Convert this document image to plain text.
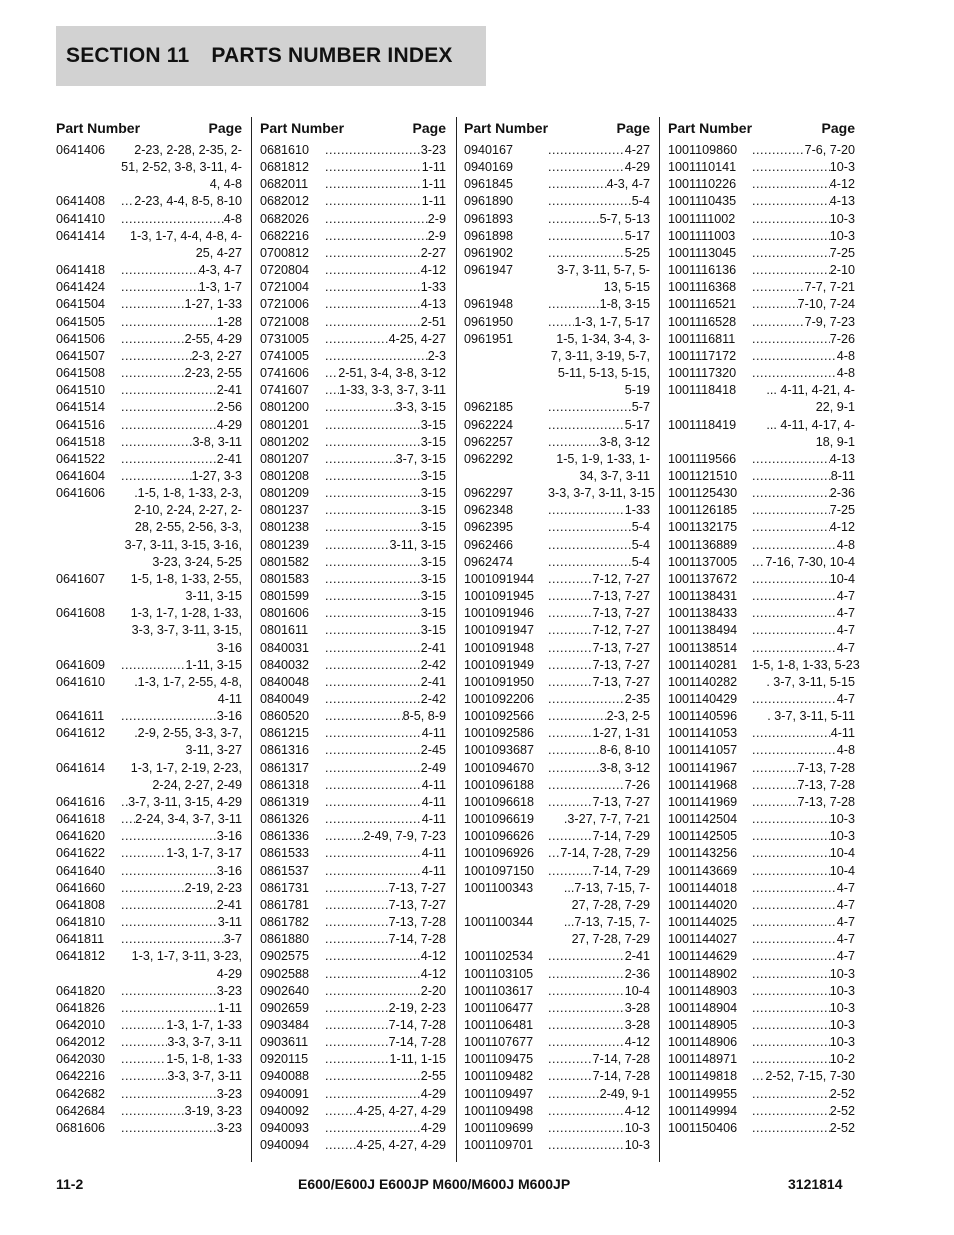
SECTION 11 PARTS NUMBER INDEX
Part Number	Page
0641406	2-23, 2-28, 2-35, 2-51, 2-52, 3-8, 3-11, 4-4, 4-8
0641408 .....	2-23, 4-4, 8-5, 8-10
0641410 .....	4-8
0641414	1-3, 1-7, 4-4, 4-8, 4-25, 4-27
0641418 .....	4-3, 4-7
0641424 .....	1-3, 1-7
0641504 .....	1-27, 1-33
0641505 .....	1-28
0641506 .....	2-55, 4-29
0641507 .....	2-3, 2-27
0641508 .....	2-23, 2-55
0641510 .....	2-41
0641514 .....	2-56
0641516 .....	4-29
0641518 .....	3-8, 3-11
0641522 .....	2-41
0641604 .....	1-27, 3-3
0641606	.1-5, 1-8, 1-33, 2-3, 2-10, 2-24, 2-27, 2-28, 2-55, 2-56, 3-3, 3-7, 3-11, 3-15, 3-16, 3-23, 3-24, 5-25
0641607	1-5, 1-8, 1-33, 2-55, 3-11, 3-15
0641608	1-3, 1-7, 1-28, 1-33, 3-3, 3-7, 3-11, 3-15, 3-16
0641609 .....	1-11, 3-15
0641610	.1-3, 1-7, 2-55, 4-8, 4-11
0641611 .....	3-16
0641612	.2-9, 2-55, 3-3, 3-7, 3-11, 3-27
0641614	1-3, 1-7, 2-19, 2-23, 2-24, 2-27, 2-49
0641616 .....	3-7, 3-11, 3-15, 4-29
0641618 .....	2-24, 3-4, 3-7, 3-11
0641620 .....	3-16
0641622 .....	1-3, 1-7, 3-17
0641640 .....	3-16
0641660 .....	2-19, 2-23
0641808 .....	2-41
0641810 .....	3-11
0641811 .....	3-7
0641812	1-3, 1-7, 3-11, 3-23, 4-29
0641820 .....	3-23
0641826 .....	1-11
0642010 .....	1-3, 1-7, 1-33
0642012 .....	3-3, 3-7, 3-11
0642030 .....	1-5, 1-8, 1-33
0642216 .....	3-3, 3-7, 3-11
0642682 .....	3-23
0642684 .....	3-19, 3-23
0681606 .....	3-23
Part Number	Page
0681610 .....	3-23
0681812 .....	1-11
0682011 .....	1-11
0682012 .....	1-11
0682026 .....	2-9
0682216 .....	2-9
0700812 .....	2-27
0720804 .....	4-12
0721004 .....	1-33
0721006 .....	4-13
0721008 .....	2-51
0731005 .....	4-25, 4-27
0741005 .....	2-3
0741606 .....	2-51, 3-4, 3-8, 3-12
0741607 .....	1-33, 3-3, 3-7, 3-11
0801200 .....	3-3, 3-15
0801201 .....	3-15
0801202 .....	3-15
0801207 .....	3-7, 3-15
0801208 .....	3-15
0801209 .....	3-15
0801237 .....	3-15
0801238 .....	3-15
0801239 .....	3-11, 3-15
0801582 .....	3-15
0801583 .....	3-15
0801599 .....	3-15
0801606 .....	3-15
0801611 .....	3-15
0840031 .....	2-41
0840032 .....	2-42
0840048 .....	2-41
0840049 .....	2-42
0860520 .....	8-5, 8-9
0861215 .....	4-11
0861316 .....	2-45
0861317 .....	2-49
0861318 .....	4-11
0861319 .....	4-11
0861326 .....	4-11
0861336 .....	2-49, 7-9, 7-23
0861533 .....	4-11
0861537 .....	4-11
0861731 .....	7-13, 7-27
0861781 .....	7-13, 7-27
0861782 .....	7-13, 7-28
0861880 .....	7-14, 7-28
0902575 .....	4-12
0902588 .....	4-12
0902640 .....	2-20
0902659 .....	2-19, 2-23
0903484 .....	7-14, 7-28
0903611 .....	7-14, 7-28
0920115 .....	1-11, 1-15
0940088 .....	2-55
0940091 .....	4-29
0940092 .....	4-25, 4-27, 4-29
0940093 .....	4-29
0940094 .....	4-25, 4-27, 4-29
Part Number	Page
0940167 .....	4-27
0940169 .....	4-29
0961845 .....	4-3, 4-7
0961890 .....	5-4
0961893 .....	5-7, 5-13
0961898 .....	5-17
0961902 .....	5-25
0961947	3-7, 3-11, 5-7, 5-13, 5-15
0961948 .....	1-8, 3-15
0961950 .....	1-3, 1-7, 5-17
0961951	1-5, 1-34, 3-4, 3-7, 3-11, 3-19, 5-7, 5-11, 5-13, 5-15, 5-19
0962185 .....	5-7
0962224 .....	5-17
0962257 .....	3-8, 3-12
0962292	1-5, 1-9, 1-33, 1-34, 3-7, 3-11
0962297	3-3, 3-7, 3-11, 3-15
0962348 .....	1-33
0962395 .....	5-4
0962466 .....	5-4
0962474 .....	5-4
1001091944 .....	7-12, 7-27
1001091945 .....	7-13, 7-27
1001091946 .....	7-13, 7-27
1001091947 .....	7-12, 7-27
1001091948 .....	7-13, 7-27
1001091949 .....	7-13, 7-27
1001091950 .....	7-13, 7-27
1001092206 .....	2-35
1001092566 .....	2-3, 2-5
1001092586 .....	1-27, 1-31
1001093687 .....	8-6, 8-10
1001094670 .....	3-8, 3-12
1001096188 .....	7-26
1001096618 .....	7-13, 7-27
1001096619	.3-27, 7-7, 7-21
1001096626 .....	7-14, 7-29
1001096926 .....	7-14, 7-28, 7-29
1001097150 .....	7-14, 7-29
1001100343	...7-13, 7-15, 7-27, 7-28, 7-29
1001100344	...7-13, 7-15, 7-27, 7-28, 7-29
1001102534 .....	2-41
1001103105 .....	2-36
1001103617 .....	10-4
1001106477 .....	3-28
1001106481 .....	3-28
1001107677 .....	4-12
1001109475 .....	7-14, 7-28
1001109482 .....	7-14, 7-28
1001109497 .....	2-49, 9-1
1001109498 .....	4-12
1001109699 .....	10-3
1001109701 .....	10-3
Part Number	Page
1001109860 .....	7-6, 7-20
1001110141 .....	10-3
1001110226 .....	4-12
1001110435 .....	4-13
1001111002 .....	10-3
1001111003 .....	10-3
1001113045 .....	7-25
1001116136 .....	2-10
1001116368 .....	7-7, 7-21
1001116521 .....	7-10, 7-24
1001116528 .....	7-9, 7-23
1001116811 .....	7-26
1001117172 .....	4-8
1001117320 .....	4-8
1001118418	... 4-11, 4-21, 4-22, 9-1
1001118419	... 4-11, 4-17, 4-18, 9-1
1001119566 .....	4-13
1001121510 .....	8-11
1001125430 .....	2-36
1001126185 .....	7-25
1001132175 .....	4-12
1001136889 .....	4-8
1001137005 .....	7-16, 7-30, 10-4
1001137672 .....	10-4
1001138431 .....	4-7
1001138433 .....	4-7
1001138494 .....	4-7
1001138514 .....	4-7
1001140281	1-5, 1-8, 1-33, 5-23
1001140282	. 3-7, 3-11, 5-15
1001140429 .....	4-7
1001140596	. 3-7, 3-11, 5-11
1001141053 .....	4-11
1001141057 .....	4-8
1001141967 .....	7-13, 7-28
1001141968 .....	7-13, 7-28
1001141969 .....	7-13, 7-28
1001142504 .....	10-3
1001142505 .....	10-3
1001143256 .....	10-4
1001143669 .....	10-4
1001144018 .....	4-7
1001144020 .....	4-7
1001144025 .....	4-7
1001144027 .....	4-7
1001144629 .....	4-7
1001148902 .....	10-3
1001148903 .....	10-3
1001148904 .....	10-3
1001148905 .....	10-3
1001148906 .....	10-3
1001148971 .....	10-2
1001149818 .....	2-52, 7-15, 7-30
1001149955 .....	2-52
1001149994 .....	2-52
1001150406 .....	2-52
11-2	E600/E600J E600JP M600/M600J M600JP	3121814
